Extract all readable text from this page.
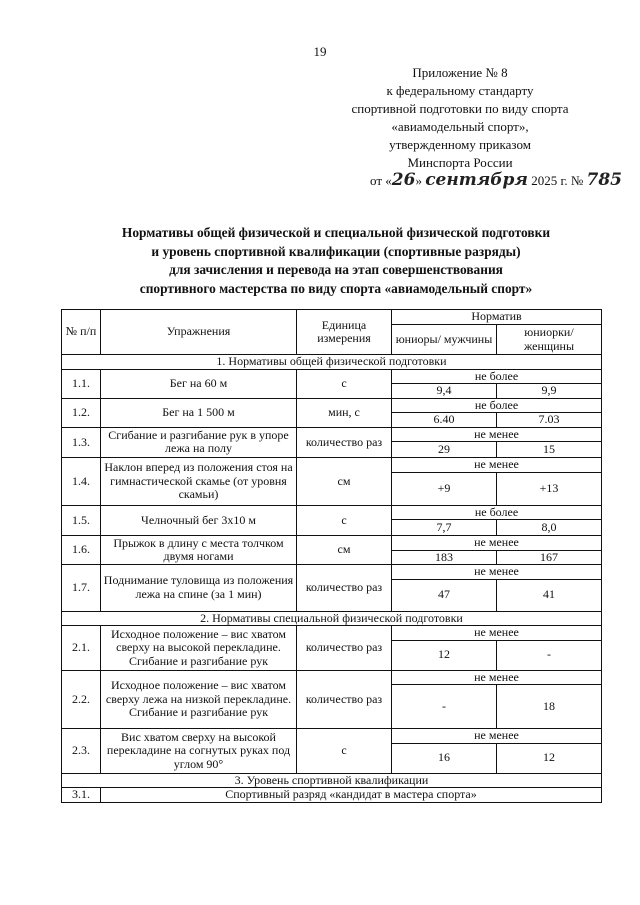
19
Приложение № 8
к федеральному стандарту
спортивной подготовки по виду спорта
«авиамодельный спорт»,
утвержденному приказом
Минспорта России
от «26» сентября 2025 г. № 785
Нормативы общей физической и специальной физической подготовки
и уровень спортивной квалификации (спортивные разряды)
для зачисления и перевода на этап совершенствования
спортивного мастерства по виду спорта «авиамодельный спорт»
№ п/п	Упражнения	Единица измерения	Норматив	
			юниоры/ мужчины	юниорки/ женщины
1. Нормативы общей физической подготовки				
1.1.	Бег на 60 м	с	не более	
			9,4	9,9
1.2.	Бег на 1 500 м	мин, с	не более	
			6.40	7.03
1.3.	Сгибание и разгибание рук в упоре лежа на полу	количество раз	не менее	
			29	15
1.4.	Наклон вперед из положения стоя на гимнастической скамье (от уровня скамьи)	см	не менее	
			+9	+13
1.5.	Челночный бег 3х10 м	с	не более	
			7,7	8,0
1.6.	Прыжок в длину с места толчком двумя ногами	см	не менее	
			183	167
1.7.	Поднимание туловища из положения лежа на спине (за 1 мин)	количество раз	не менее	
			47	41
2. Нормативы специальной физической подготовки				
2.1.	Исходное положение – вис хватом сверху на высокой перекладине. Сгибание и разгибание рук	количество раз	не менее	
			12	-
2.2.	Исходное положение – вис хватом сверху лежа на низкой перекладине. Сгибание и разгибание рук	количество раз	не менее	
			-	18
2.3.	Вис хватом сверху на высокой перекладине на согнутых руках под углом 90°	с	не менее	
			16	12
3. Уровень спортивной квалификации				
3.1.	Спортивный разряд «кандидат в мастера спорта»			
